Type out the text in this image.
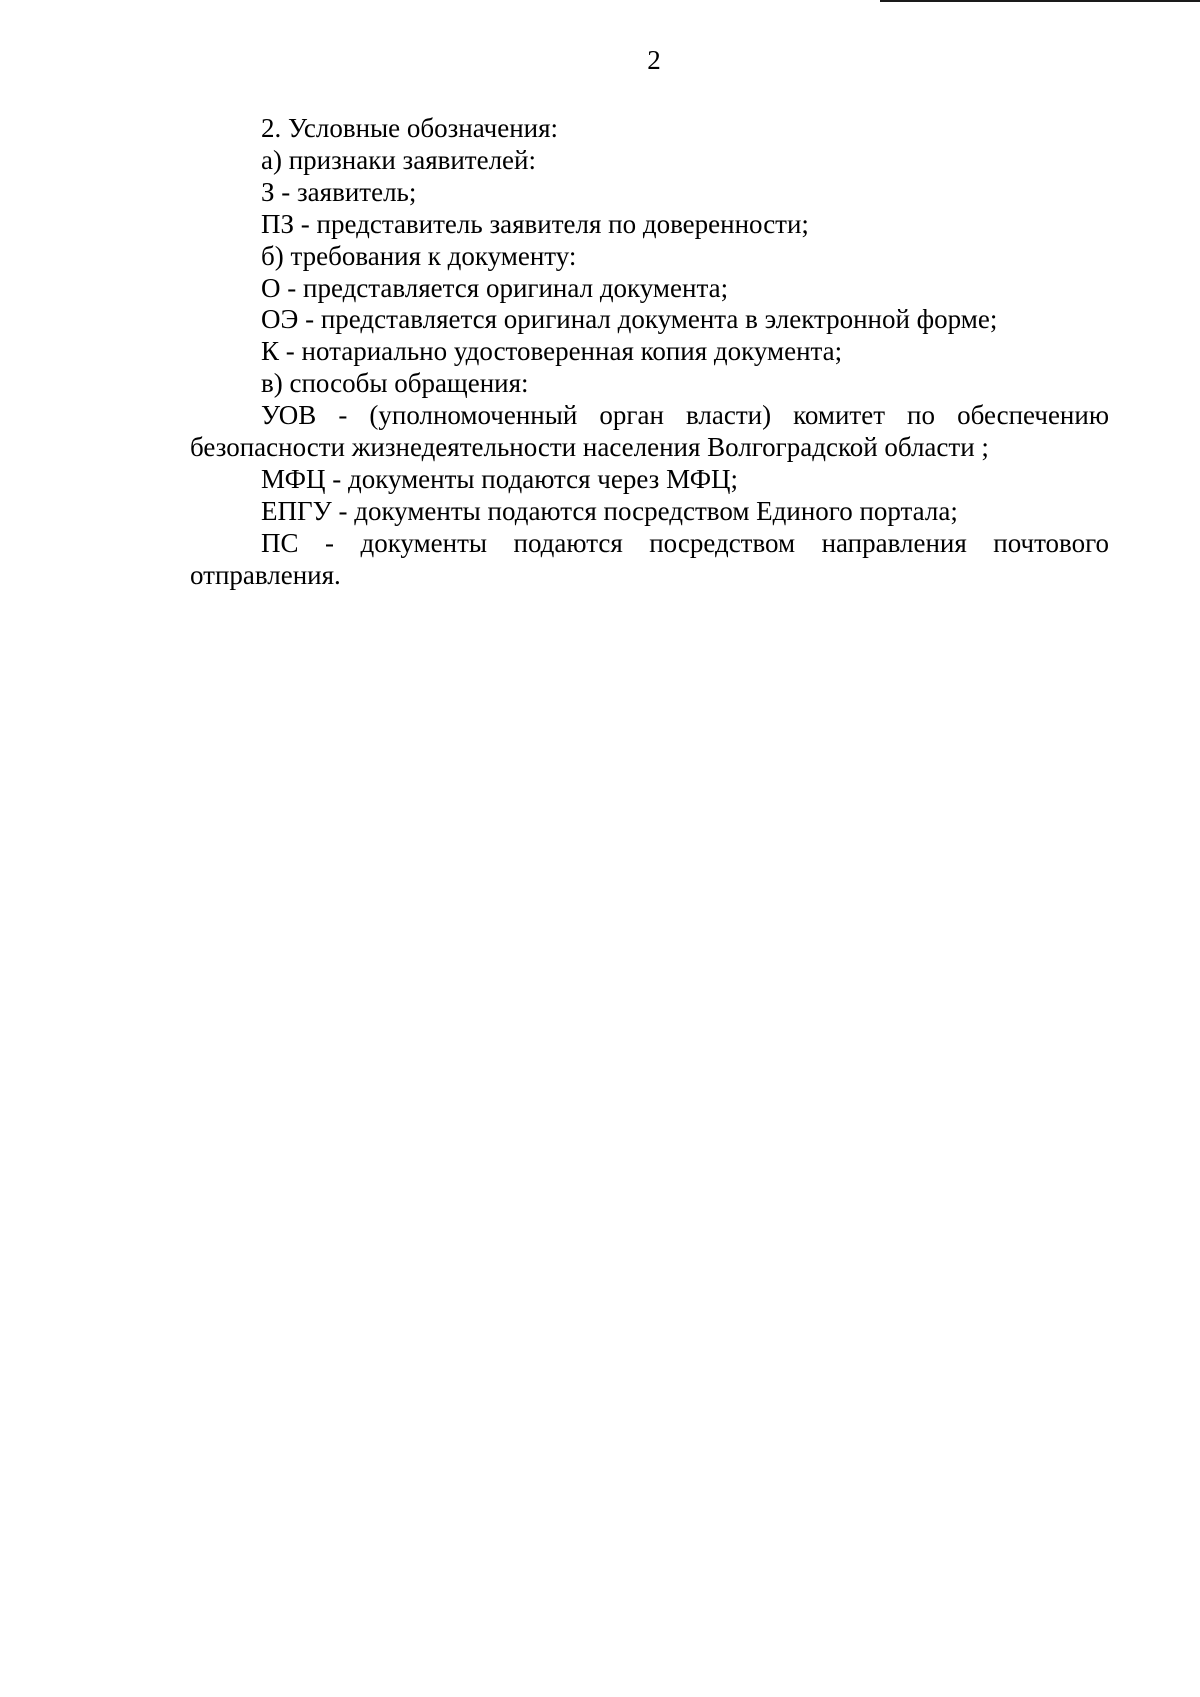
2
2. Условные обозначения:
а) признаки заявителей:
З - заявитель;
ПЗ - представитель заявителя по доверенности;
б) требования к документу:
О - представляется оригинал документа;
ОЭ - представляется оригинал документа в электронной форме;
К - нотариально удостоверенная копия документа;
в) способы обращения:
УОВ - (уполномоченный орган власти) комитет по обеспечению безопасности жизнедеятельности населения Волгоградской области ;
МФЦ - документы подаются через МФЦ;
ЕПГУ - документы подаются посредством Единого портала;
ПС - документы подаются посредством направления почтового отправления.
